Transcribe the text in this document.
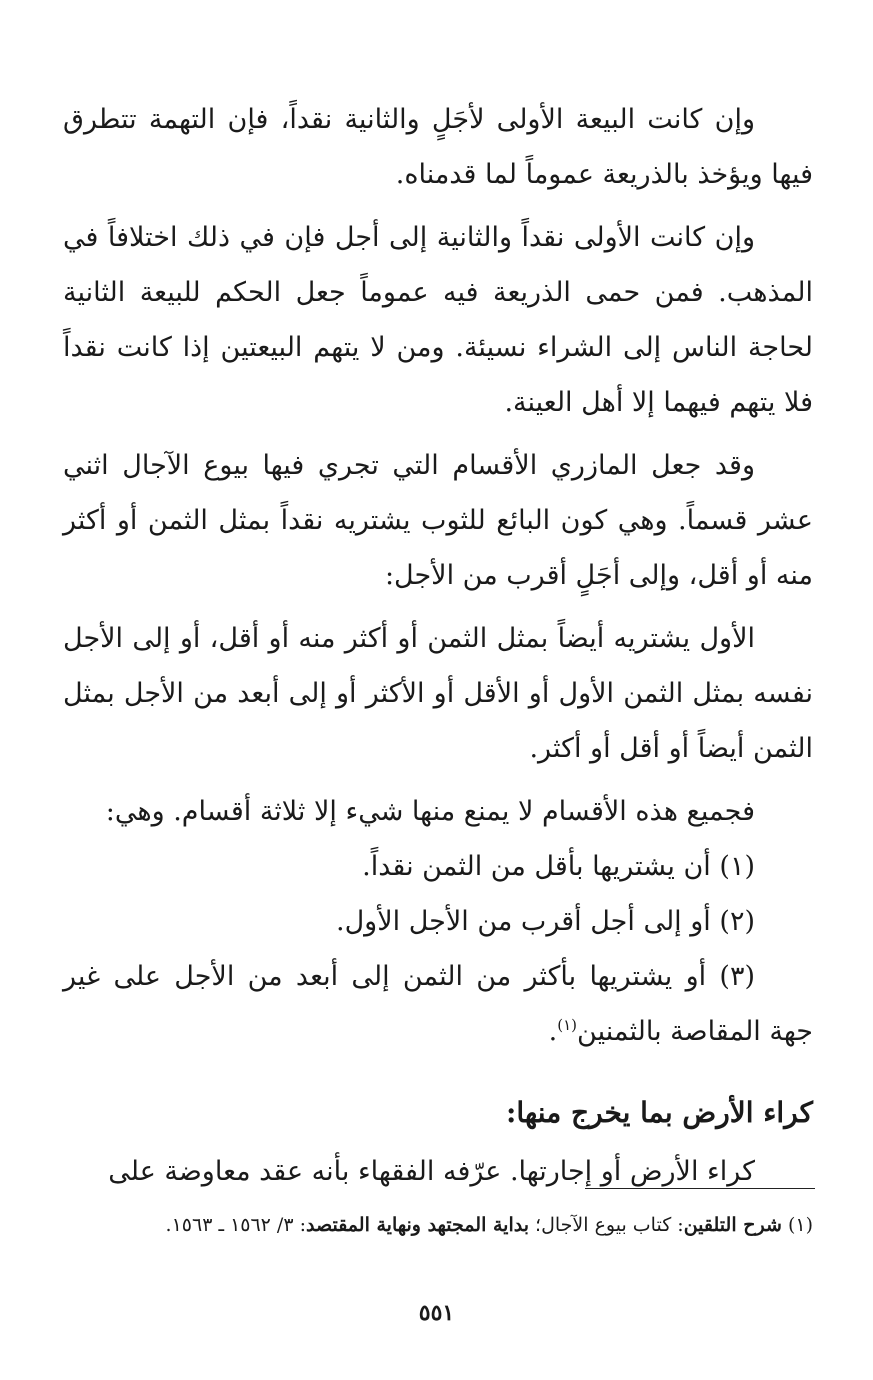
وإن كانت البيعة الأولى لأجَلٍ والثانية نقداً، فإن التهمة تتطرق فيها ويؤخذ بالذريعة عموماً لما قدمناه.

وإن كانت الأولى نقداً والثانية إلى أجل فإن في ذلك اختلافاً في المذهب. فمن حمى الذريعة فيه عموماً جعل الحكم للبيعة الثانية لحاجة الناس إلى الشراء نسيئة. ومن لا يتهم البيعتين إذا كانت نقداً فلا يتهم فيهما إلا أهل العينة.

وقد جعل المازري الأقسام التي تجري فيها بيوع الآجال اثني عشر قسماً. وهي كون البائع للثوب يشتريه نقداً بمثل الثمن أو أكثر منه أو أقل، وإلى أجَلٍ أقرب من الأجل:

الأول يشتريه أيضاً بمثل الثمن أو أكثر منه أو أقل، أو إلى الأجل نفسه بمثل الثمن الأول أو الأقل أو الأكثر أو إلى أبعد من الأجل بمثل الثمن أيضاً أو أقل أو أكثر.

فجميع هذه الأقسام لا يمنع منها شيء إلا ثلاثة أقسام. وهي:

(١) أن يشتريها بأقل من الثمن نقداً.

(٢) أو إلى أجل أقرب من الأجل الأول.

(٣) أو يشتريها بأكثر من الثمن إلى أبعد من الأجل على غير جهة المقاصة بالثمنين$^{(١)}$.

كراء الأرض بما يخرج منها:

كراء الأرض أو إجارتها. عرّفه الفقهاء بأنه عقد معاوضة على

(١) شرح التلقين: كتاب بيوع الآجال؛ بداية المجتهد ونهاية المقتصد: ٣/ ١٥٦٢ ـ ١٥٦٣.
٥٥١
